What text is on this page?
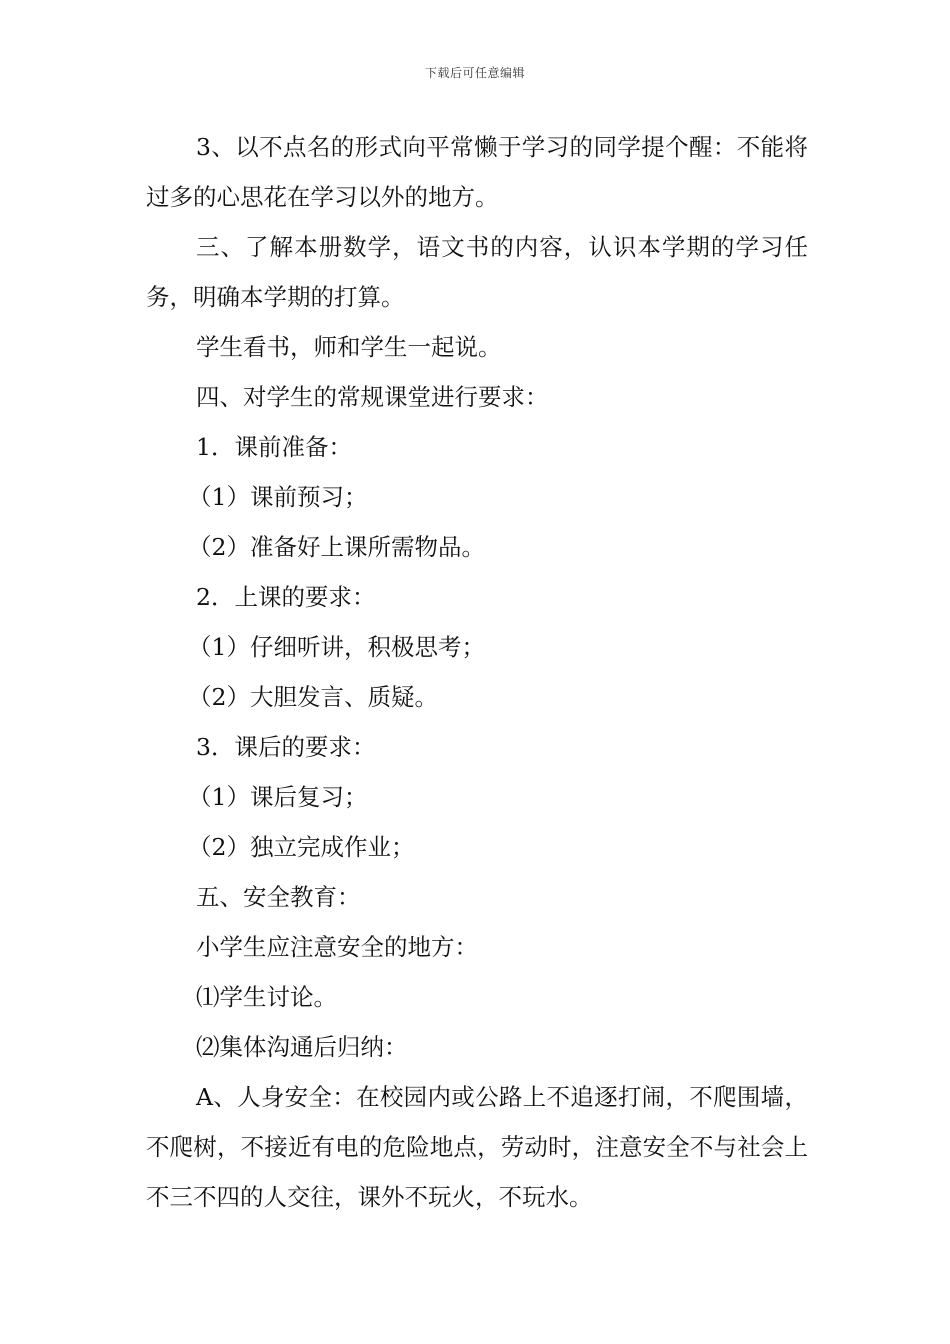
下载后可任意编辑

3、以不点名的形式向平常懒于学习的同学提个醒：不能将过多的心思花在学习以外的地方。

三、了解本册数学，语文书的内容，认识本学期的学习任务，明确本学期的打算。

学生看书，师和学生一起说。

四、对学生的常规课堂进行要求：

1．课前准备：

（1）课前预习；

（2）准备好上课所需物品。

2．上课的要求：

（1）仔细听讲，积极思考；

（2）大胆发言、质疑。

3．课后的要求：

（1）课后复习；

（2）独立完成作业；

五、安全教育：

小学生应注意安全的地方：

⑴学生讨论。

⑵集体沟通后归纳：

A、人身安全：在校园内或公路上不追逐打闹，不爬围墙，不爬树，不接近有电的危险地点，劳动时，注意安全不与社会上不三不四的人交往，课外不玩火，不玩水。
